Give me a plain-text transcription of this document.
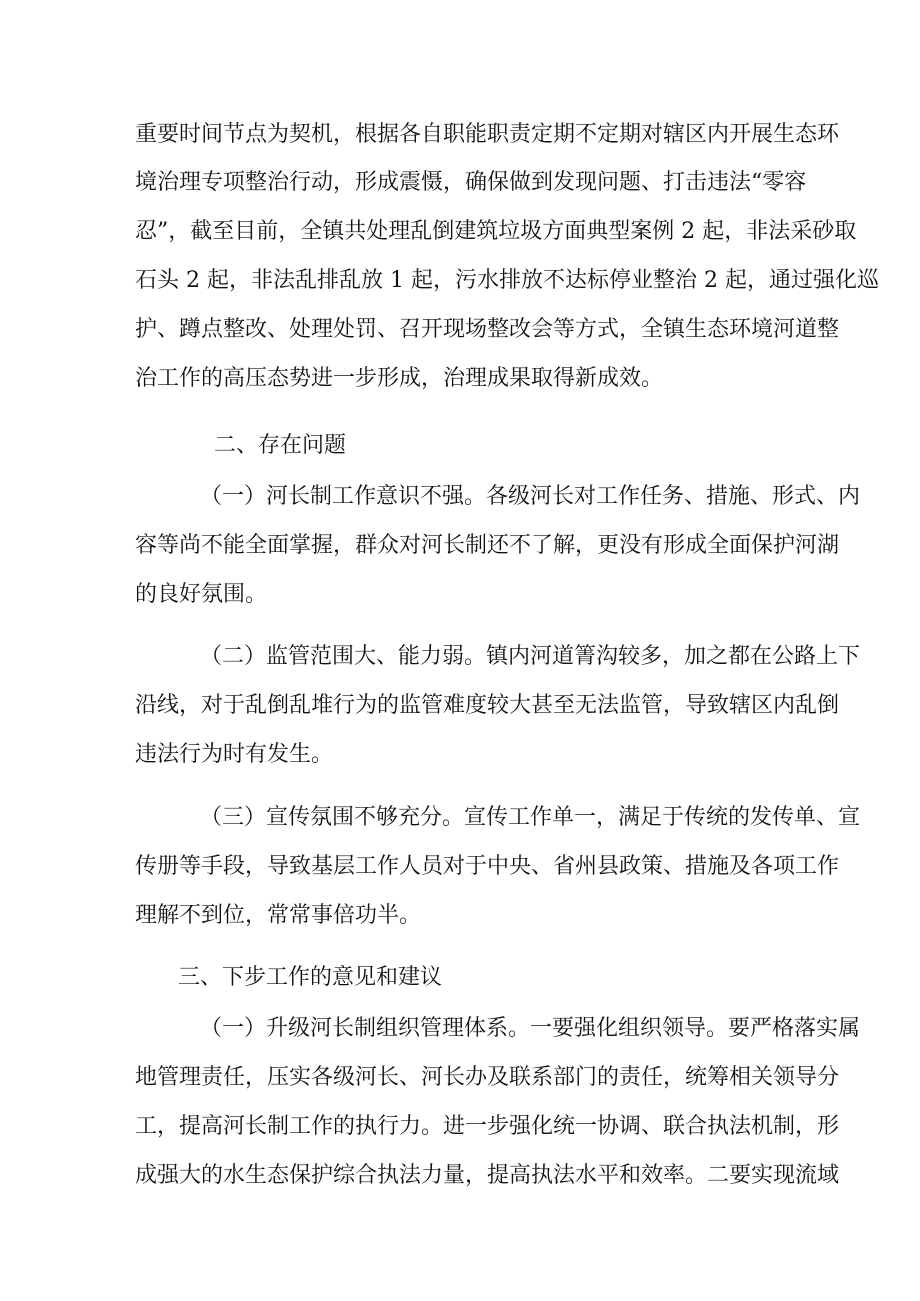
重要时间节点为契机，根据各自职能职责定期不定期对辖区内开展生态环
境治理专项整治行动，形成震慑，确保做到发现问题、打击违法“零容
忍”，截至目前，全镇共处理乱倒建筑垃圾方面典型案例 2 起，非法采砂取
石头 2 起，非法乱排乱放 1 起，污水排放不达标停业整治 2 起，通过强化巡
护、蹲点整改、处理处罚、召开现场整改会等方式，全镇生态环境河道整
治工作的高压态势进一步形成，治理成果取得新成效。
二、存在问题
（一）河长制工作意识不强。各级河长对工作任务、措施、形式、内
容等尚不能全面掌握，群众对河长制还不了解，更没有形成全面保护河湖
的良好氛围。
（二）监管范围大、能力弱。镇内河道箐沟较多，加之都在公路上下
沿线，对于乱倒乱堆行为的监管难度较大甚至无法监管，导致辖区内乱倒
违法行为时有发生。
（三）宣传氛围不够充分。宣传工作单一，满足于传统的发传单、宣
传册等手段，导致基层工作人员对于中央、省州县政策、措施及各项工作
理解不到位，常常事倍功半。
三、下步工作的意见和建议
（一）升级河长制组织管理体系。一要强化组织领导。要严格落实属
地管理责任，压实各级河长、河长办及联系部门的责任，统筹相关领导分
工，提高河长制工作的执行力。进一步强化统一协调、联合执法机制，形
成强大的水生态保护综合执法力量，提高执法水平和效率。二要实现流域
